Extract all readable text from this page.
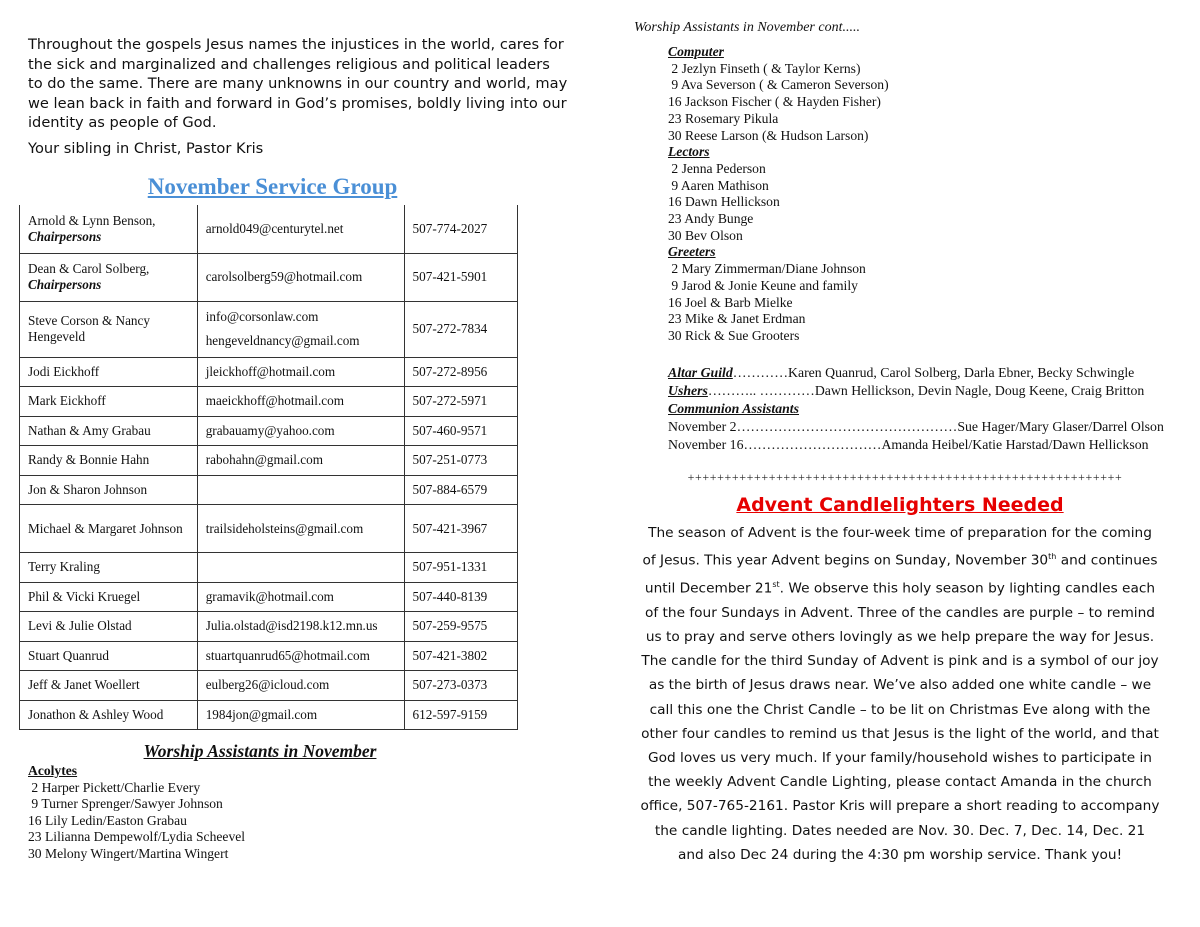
Throughout the gospels Jesus names the injustices in the world, cares for the sick and marginalized and challenges religious and political leaders to do the same. There are many unknowns in our country and world, may we lean back in faith and forward in God’s promises, boldly living into our identity as people of God.

Your sibling in Christ, Pastor Kris
November Service Group
Arnold & Lynn Benson,
Chairpersons	arnold049@centurytel.net	507-774-2027
Dean & Carol Solberg,
Chairpersons	carolsolberg59@hotmail.com	507-421-5901
Steve Corson & Nancy Hengeveld	info@corsonlaw.com
hengeveldnancy@gmail.com	507-272-7834
Jodi Eickhoff	jleickhoff@hotmail.com	507-272-8956
Mark Eickhoff	maeickhoff@hotmail.com	507-272-5971
Nathan & Amy Grabau	grabauamy@yahoo.com	507-460-9571
Randy & Bonnie Hahn	rabohahn@gmail.com	507-251-0773
Jon & Sharon Johnson		507-884-6579
Michael & Margaret Johnson	trailsideholsteins@gmail.com	507-421-3967
Terry Kraling		507-951-1331
Phil & Vicki Kruegel	gramavik@hotmail.com	507-440-8139
Levi & Julie Olstad	Julia.olstad@isd2198.k12.mn.us	507-259-9575
Stuart Quanrud	stuartquanrud65@hotmail.com	507-421-3802
Jeff & Janet Woellert	eulberg26@icloud.com	507-273-0373
Jonathon & Ashley Wood	1984jon@gmail.com	612-597-9159
Worship Assistants in November
Acolytes
2 Harper Pickett/Charlie Every
9 Turner Sprenger/Sawyer Johnson
16 Lily Ledin/Easton Grabau
23 Lilianna Dempewolf/Lydia Scheevel
30 Melony Wingert/Martina Wingert
Worship Assistants in November cont.....
Computer
2 Jezlyn Finseth ( & Taylor Kerns)
9 Ava Severson ( & Cameron Severson)
16 Jackson Fischer ( & Hayden Fisher)
23 Rosemary Pikula
30 Reese Larson (& Hudson Larson)
Lectors
2 Jenna Pederson
9 Aaren Mathison
16 Dawn Hellickson
23 Andy Bunge
30 Bev Olson
Greeters
2 Mary Zimmerman/Diane Johnson
9 Jarod & Jonie Keune and family
16 Joel & Barb Mielke
23 Mike & Janet Erdman
30 Rick & Sue Grooters
Altar Guild ………… Karen Quanrud, Carol Solberg, Darla Ebner, Becky Schwingle
Ushers ……….. ………… Dawn Hellickson, Devin Nagle, Doug Keene, Craig Britton
Communion Assistants
November 2 ………………………………………… Sue Hager/Mary Glaser/Darrel Olson
November 16 ………………………… Amanda Heibel/Katie Harstad/Dawn Hellickson
+++++++++++++++++++++++++++++++++++++++++++++++++++++++++++
Advent Candlelighters Needed
The season of Advent is the four-week time of preparation for the coming of Jesus. This year Advent begins on Sunday, November 30th and continues until December 21st. We observe this holy season by lighting candles each of the four Sundays in Advent. Three of the candles are purple – to remind us to pray and serve others lovingly as we help prepare the way for Jesus. The candle for the third Sunday of Advent is pink and is a symbol of our joy as the birth of Jesus draws near. We’ve also added one white candle – we call this one the Christ Candle – to be lit on Christmas Eve along with the other four candles to remind us that Jesus is the light of the world, and that God loves us very much. If your family/household wishes to participate in the weekly Advent Candle Lighting, please contact Amanda in the church office, 507-765-2161. Pastor Kris will prepare a short reading to accompany the candle lighting. Dates needed are Nov. 30. Dec. 7, Dec. 14, Dec. 21 and also Dec 24 during the 4:30 pm worship service. Thank you!
